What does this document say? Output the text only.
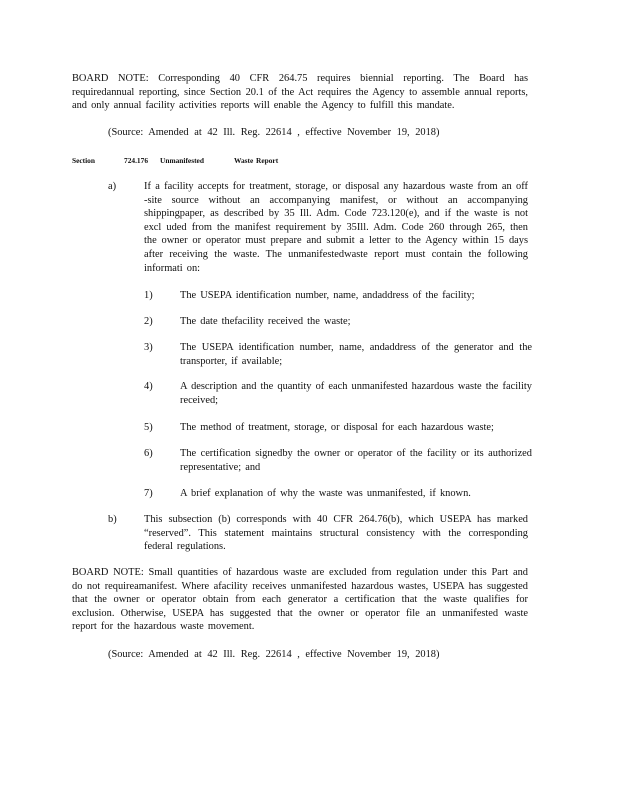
BOARD NOTE: Corresponding 40 CFR 264.75 requires biennial reporting. The Board has requiredannual reporting, since Section 20.1 of the Act requires the Agency to assemble annual reports, and only annual facility activities reports will enable the Agency to fulfill this mandate.
(Source: Amended at 42 Ill. Reg. 22614 , effective November 19, 2018)
Section	724.176	Unmanifested	Waste Report
a)	If a facility accepts for treatment, storage, or disposal any hazardous waste from an off -site source without an accompanying manifest, or without an accompanying shippingpaper, as described by 35 Ill. Adm. Code 723.120(e), and if the waste is not excl uded from the manifest requirement by 35Ill. Adm. Code 260 through 265, then the owner or operator must prepare and submit a letter to the Agency within 15 days after receiving the waste. The unmanifestedwaste report must contain the following informati on:
1)	The USEPA identification number, name, andaddress of the facility;
2)	The date thefacility received the waste;
3)	The USEPA identification number, name, andaddress of the generator and the transporter, if available;
4)	A description and the quantity of each unmanifested hazardous waste the facility received;
5)	The method of treatment, storage, or disposal for each hazardous waste;
6)	The certification signedby the owner or operator of the facility or its authorized representative; and
7)	A brief explanation of why the waste was unmanifested, if known.
b)	This subsection (b) corresponds with 40 CFR 264.76(b), which USEPA has marked “reserved”. This statement maintains structural consistency with the corresponding federal regulations.
BOARD NOTE: Small quantities of hazardous waste are excluded from regulation under this Part and do not requireamanifest. Where afacility receives unmanifested hazardous wastes, USEPA has suggested that the owner or operator obtain from each generator a certification that the waste qualifies for exclusion. Otherwise, USEPA has suggested that the owner or operator file an unmanifested waste report for the hazardous waste movement.
(Source: Amended at 42 Ill. Reg. 22614 , effective November 19, 2018)
